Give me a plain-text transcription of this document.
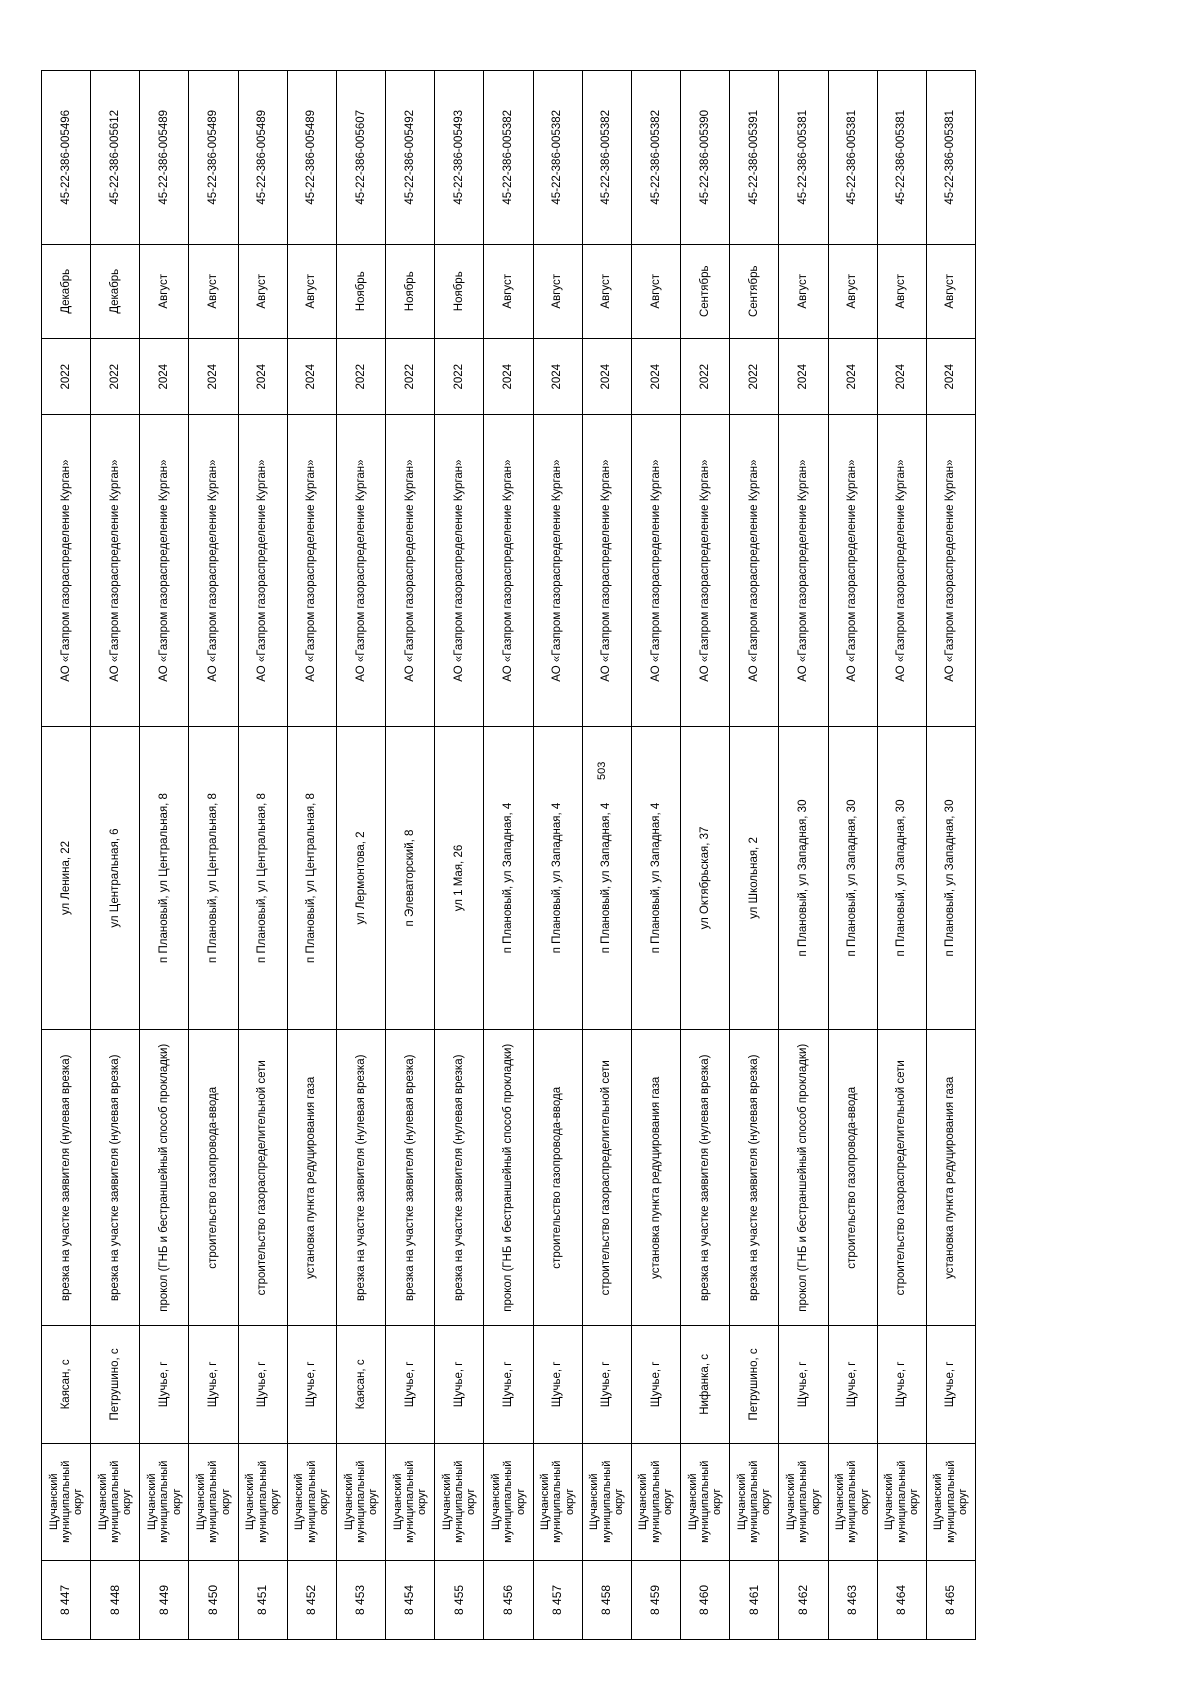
503
8 447	Щучанский муниципальный округ	Каясан, с	врезка на участке заявителя (нулевая врезка)	ул Ленина, 22	АО «Газпром газораспределение Курган»	2022	Декабрь	45-22-386-005496
8 448	Щучанский муниципальный округ	Петрушино, с	врезка на участке заявителя (нулевая врезка)	ул Центральная, 6	АО «Газпром газораспределение Курган»	2022	Декабрь	45-22-386-005612
8 449	Щучанский муниципальный округ	Щучье, г	прокол (ГНБ и бестраншейный способ прокладки)	п Плановый, ул Центральная, 8	АО «Газпром газораспределение Курган»	2024	Август	45-22-386-005489
8 450	Щучанский муниципальный округ	Щучье, г	строительство газопровода-ввода	п Плановый, ул Центральная, 8	АО «Газпром газораспределение Курган»	2024	Август	45-22-386-005489
8 451	Щучанский муниципальный округ	Щучье, г	строительство газораспределительной сети	п Плановый, ул Центральная, 8	АО «Газпром газораспределение Курган»	2024	Август	45-22-386-005489
8 452	Щучанский муниципальный округ	Щучье, г	установка пункта редуцирования газа	п Плановый, ул Центральная, 8	АО «Газпром газораспределение Курган»	2024	Август	45-22-386-005489
8 453	Щучанский муниципальный округ	Каясан, с	врезка на участке заявителя (нулевая врезка)	ул Лермонтова, 2	АО «Газпром газораспределение Курган»	2022	Ноябрь	45-22-386-005607
8 454	Щучанский муниципальный округ	Щучье, г	врезка на участке заявителя (нулевая врезка)	п Элеваторский, 8	АО «Газпром газораспределение Курган»	2022	Ноябрь	45-22-386-005492
8 455	Щучанский муниципальный округ	Щучье, г	врезка на участке заявителя (нулевая врезка)	ул 1 Мая, 26	АО «Газпром газораспределение Курган»	2022	Ноябрь	45-22-386-005493
8 456	Щучанский муниципальный округ	Щучье, г	прокол (ГНБ и бестраншейный способ прокладки)	п Плановый, ул Западная, 4	АО «Газпром газораспределение Курган»	2024	Август	45-22-386-005382
8 457	Щучанский муниципальный округ	Щучье, г	строительство газопровода-ввода	п Плановый, ул Западная, 4	АО «Газпром газораспределение Курган»	2024	Август	45-22-386-005382
8 458	Щучанский муниципальный округ	Щучье, г	строительство газораспределительной сети	п Плановый, ул Западная, 4	АО «Газпром газораспределение Курган»	2024	Август	45-22-386-005382
8 459	Щучанский муниципальный округ	Щучье, г	установка пункта редуцирования газа	п Плановый, ул Западная, 4	АО «Газпром газораспределение Курган»	2024	Август	45-22-386-005382
8 460	Щучанский муниципальный округ	Нифанка, с	врезка на участке заявителя (нулевая врезка)	ул Октябрьская, 37	АО «Газпром газораспределение Курган»	2022	Сентябрь	45-22-386-005390
8 461	Щучанский муниципальный округ	Петрушино, с	врезка на участке заявителя (нулевая врезка)	ул Школьная, 2	АО «Газпром газораспределение Курган»	2022	Сентябрь	45-22-386-005391
8 462	Щучанский муниципальный округ	Щучье, г	прокол (ГНБ и бестраншейный способ прокладки)	п Плановый, ул Западная, 30	АО «Газпром газораспределение Курган»	2024	Август	45-22-386-005381
8 463	Щучанский муниципальный округ	Щучье, г	строительство газопровода-ввода	п Плановый, ул Западная, 30	АО «Газпром газораспределение Курган»	2024	Август	45-22-386-005381
8 464	Щучанский муниципальный округ	Щучье, г	строительство газораспределительной сети	п Плановый, ул Западная, 30	АО «Газпром газораспределение Курган»	2024	Август	45-22-386-005381
8 465	Щучанский муниципальный округ	Щучье, г	установка пункта редуцирования газа	п Плановый, ул Западная, 30	АО «Газпром газораспределение Курган»	2024	Август	45-22-386-005381
